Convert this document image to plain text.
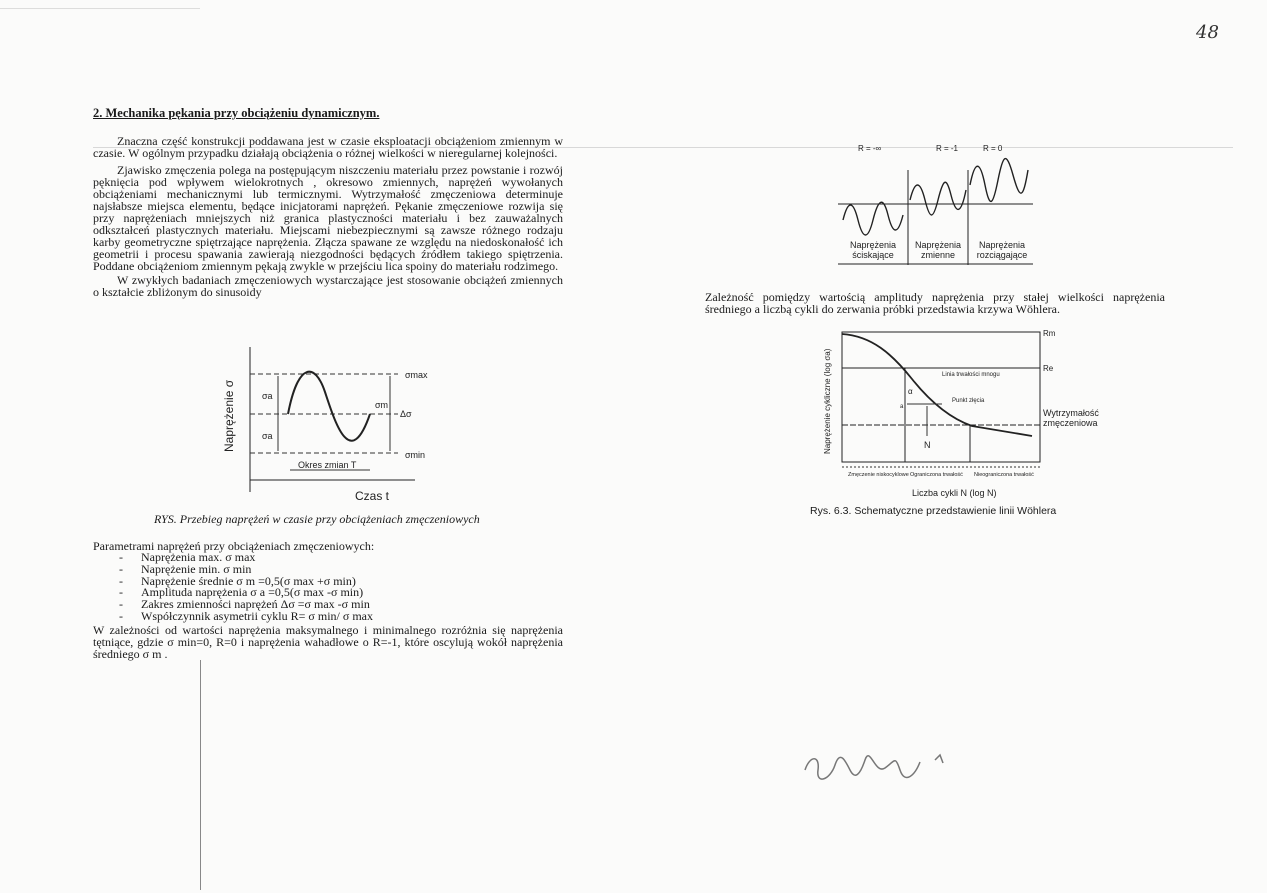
48
2. Mechanika pękania przy obciążeniu dynamicznym.

Znaczna część konstrukcji poddawana jest w czasie eksploatacji obciążeniom zmiennym w czasie. W ogólnym przypadku działają obciążenia o różnej wielkości w nieregularnej kolejności.

Zjawisko zmęczenia polega na postępującym niszczeniu materiału przez powstanie i rozwój pęknięcia pod wpływem wielokrotnych , okresowo zmiennych, naprężeń wywołanych obciążeniami mechanicznymi lub termicznymi. Wytrzymałość zmęczeniowa determinuje najsłabsze miejsca elementu, będące inicjatorami naprężeń. Pękanie zmęczeniowe rozwija się przy naprężeniach mniejszych niż granica plastyczności materiału i bez zauważalnych odkształceń plastycznych materiału. Miejscami niebezpiecznymi są zawsze różnego rodzaju karby geometryczne spiętrzające naprężenia. Złącza spawane ze względu na niedoskonałość ich geometrii i procesu spawania zawierają niezgodności będących źródłem takiego spiętrzenia. Poddane obciążeniom zmiennym pękają zwykle w przejściu lica spoiny do materiału rodzimego.

W zwykłych badaniach zmęczeniowych wystarczające jest stosowanie obciążeń zmiennych o kształcie zbliżonym do sinusoidy

Naprężenie σ
σmax
σmin
σm
σa
σa
Δσ
Okres zmian T
Czas t
RYS. Przebieg naprężeń w czasie przy obciążeniach zmęczeniowych
Parametrami naprężeń przy obciążeniach zmęczeniowych:
- Naprężenia max. σ max
- Naprężenie min. σ min
- Naprężenie średnie σ m =0,5(σ max +σ min)
- Amplituda naprężenia σ a =0,5(σ max -σ min)
- Zakres zmienności naprężeń Δσ =σ max -σ min
- Współczynnik asymetrii cyklu R= σ min/ σ max

W zależności od wartości naprężenia maksymalnego i minimalnego rozróżnia się naprężenia tętniące, gdzie σ min=0, R=0 i naprężenia wahadłowe o R=-1, które oscylują wokół naprężenia średniego σ m .

R = -∞	R = -1	R = 0
Naprężenia ściskające
Naprężenia zmienne
Naprężenia rozciągające
Zależność pomiędzy wartością amplitudy naprężenia przy stałej wielkości naprężenia średniego a liczbą cykli do zerwania próbki przedstawia krzywa Wöhlera.
Naprężenie cykliczne (log σa)
Rm
Re
Linia trwałości mnogu
Punkt złęcia
N
a
α
Zmęczenie niskocyklowe Ograniczona trwałość Nieograniczona trwałość
Liczba cykli N (log N)
Wytrzymałość zmęczeniowa
Rys. 6.3. Schematyczne przedstawienie linii Wöhlera
